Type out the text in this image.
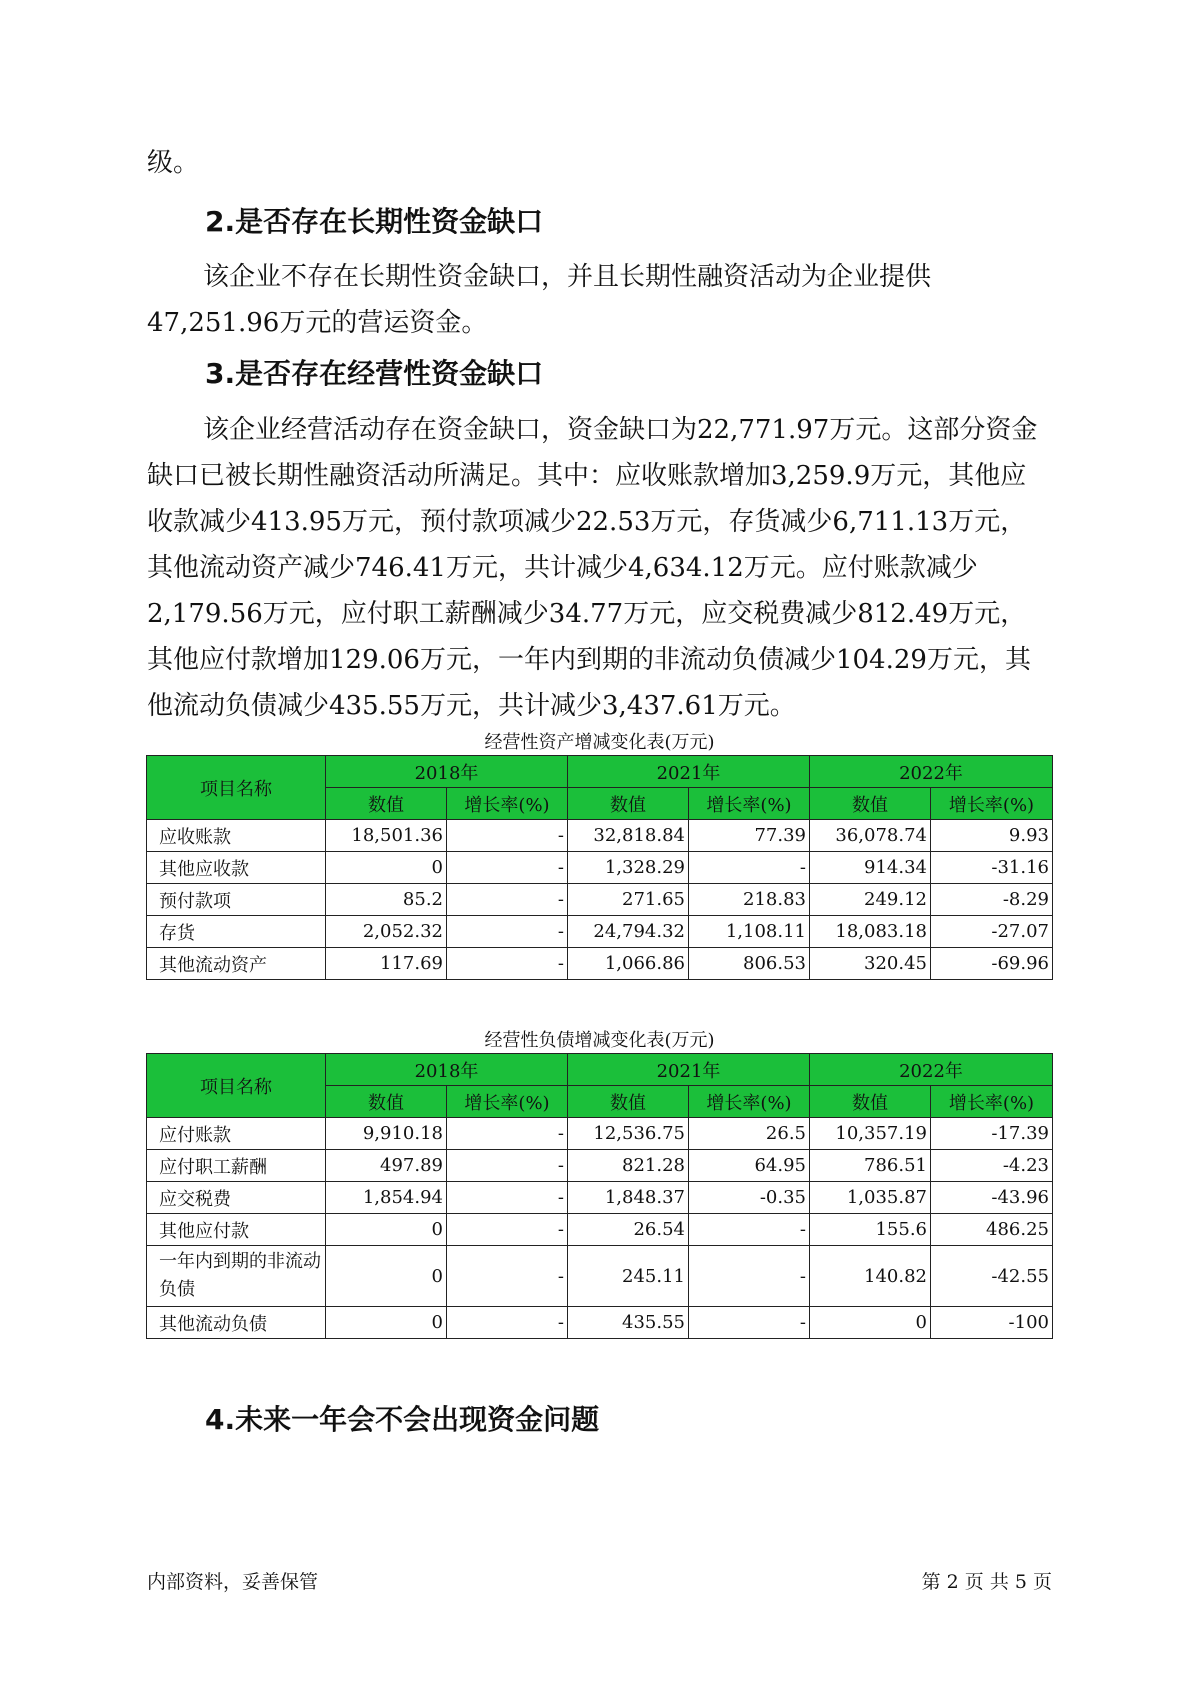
级。

2.是否存在长期性资金缺口

该企业不存在长期性资金缺口，并且长期性融资活动为企业提供47,251.96万元的营运资金。

3.是否存在经营性资金缺口

该企业经营活动存在资金缺口，资金缺口为22,771.97万元。这部分资金缺口已被长期性融资活动所满足。其中：应收账款增加3,259.9万元，其他应收款减少413.95万元，预付款项减少22.53万元，存货减少6,711.13万元，其他流动资产减少746.41万元，共计减少4,634.12万元。应付账款减少2,179.56万元，应付职工薪酬减少34.77万元，应交税费减少812.49万元，其他应付款增加129.06万元，一年内到期的非流动负债减少104.29万元，其他流动负债减少435.55万元，共计减少3,437.61万元。

经营性资产增减变化表(万元)
项目名称	2018年		2021年		2022年	
	数值	增长率(%)	数值	增长率(%)	数值	增长率(%)
应收账款	18,501.36	-	32,818.84	77.39	36,078.74	9.93
其他应收款	0	-	1,328.29	-	914.34	-31.16
预付款项	85.2	-	271.65	218.83	249.12	-8.29
存货	2,052.32	-	24,794.32	1,108.11	18,083.18	-27.07
其他流动资产	117.69	-	1,066.86	806.53	320.45	-69.96
经营性负债增减变化表(万元)
项目名称	2018年		2021年		2022年	
	数值	增长率(%)	数值	增长率(%)	数值	增长率(%)
应付账款	9,910.18	-	12,536.75	26.5	10,357.19	-17.39
应付职工薪酬	497.89	-	821.28	64.95	786.51	-4.23
应交税费	1,854.94	-	1,848.37	-0.35	1,035.87	-43.96
其他应付款	0	-	26.54	-	155.6	486.25
一年内到期的非流动负债	0	-	245.11	-	140.82	-42.55
其他流动负债	0	-	435.55	-	0	-100
4.未来一年会不会出现资金问题
内部资料，妥善保管	第 2 页 共 5 页
